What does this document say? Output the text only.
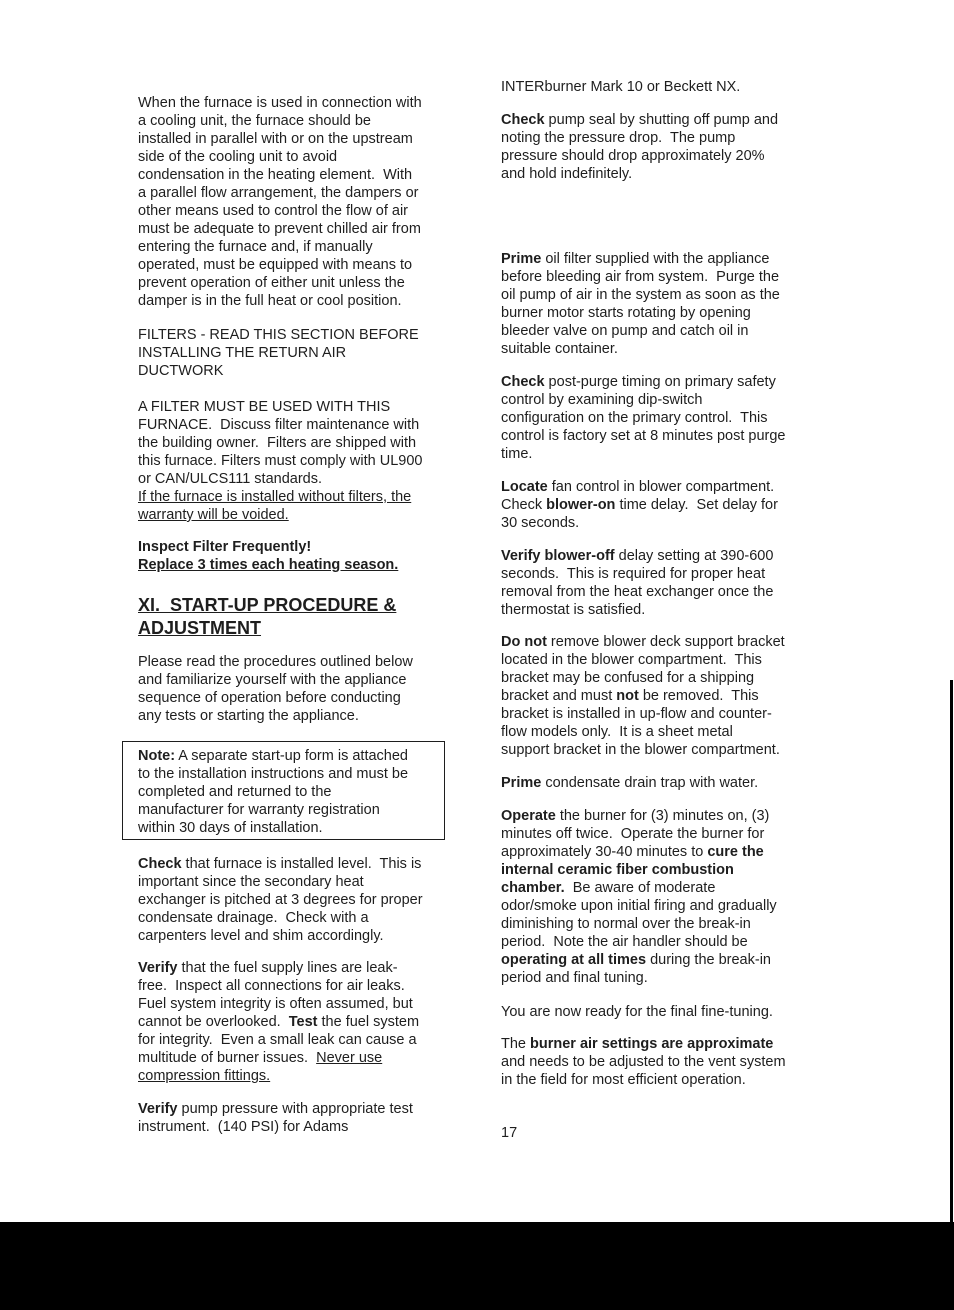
When the furnace is used in connection with
a cooling unit, the furnace should be
installed in parallel with or on the upstream
side of the cooling unit to avoid
condensation in the heating element.  With
a parallel flow arrangement, the dampers or
other means used to control the flow of air
must be adequate to prevent chilled air from
entering the furnace and, if manually
operated, must be equipped with means to
prevent operation of either unit unless the
damper is in the full heat or cool position.
FILTERS - READ THIS SECTION BEFORE
INSTALLING THE RETURN AIR
DUCTWORK
A FILTER MUST BE USED WITH THIS
FURNACE.  Discuss filter maintenance with
the building owner.  Filters are shipped with
this furnace. Filters must comply with UL900
or CAN/ULCS111 standards.
If the furnace is installed without filters, the
warranty will be voided.
Inspect Filter Frequently!
Replace 3 times each heating season.
XI.  START-UP PROCEDURE &
ADJUSTMENT
Please read the procedures outlined below
and familiarize yourself with the appliance
sequence of operation before conducting
any tests or starting the appliance.
Note: A separate start-up form is attached
to the installation instructions and must be
completed and returned to the
manufacturer for warranty registration
within 30 days of installation.
Check that furnace is installed level.  This is
important since the secondary heat
exchanger is pitched at 3 degrees for proper
condensate drainage.  Check with a
carpenters level and shim accordingly.
Verify that the fuel supply lines are leak-
free.  Inspect all connections for air leaks.
Fuel system integrity is often assumed, but
cannot be overlooked.  Test the fuel system
for integrity.  Even a small leak can cause a
multitude of burner issues.  Never use
compression fittings.
Verify pump pressure with appropriate test
instrument.  (140 PSI) for Adams
INTERburner Mark 10 or Beckett NX.
Check pump seal by shutting off pump and
noting the pressure drop.  The pump
pressure should drop approximately 20%
and hold indefinitely.
Prime oil filter supplied with the appliance
before bleeding air from system.  Purge the
oil pump of air in the system as soon as the
burner motor starts rotating by opening
bleeder valve on pump and catch oil in
suitable container.
Check post-purge timing on primary safety
control by examining dip-switch
configuration on the primary control.  This
control is factory set at 8 minutes post purge
time.
Locate fan control in blower compartment.
Check blower-on time delay.  Set delay for
30 seconds.
Verify blower-off delay setting at 390-600
seconds.  This is required for proper heat
removal from the heat exchanger once the
thermostat is satisfied.
Do not remove blower deck support bracket
located in the blower compartment.  This
bracket may be confused for a shipping
bracket and must not be removed.  This
bracket is installed in up-flow and counter-
flow models only.  It is a sheet metal
support bracket in the blower compartment.
Prime condensate drain trap with water.
Operate the burner for (3) minutes on, (3)
minutes off twice.  Operate the burner for
approximately 30-40 minutes to cure the
internal ceramic fiber combustion
chamber.  Be aware of moderate
odor/smoke upon initial firing and gradually
diminishing to normal over the break-in
period.  Note the air handler should be
operating at all times during the break-in
period and final tuning.
You are now ready for the final fine-tuning.
The burner air settings are approximate
and needs to be adjusted to the vent system
in the field for most efficient operation.
17
